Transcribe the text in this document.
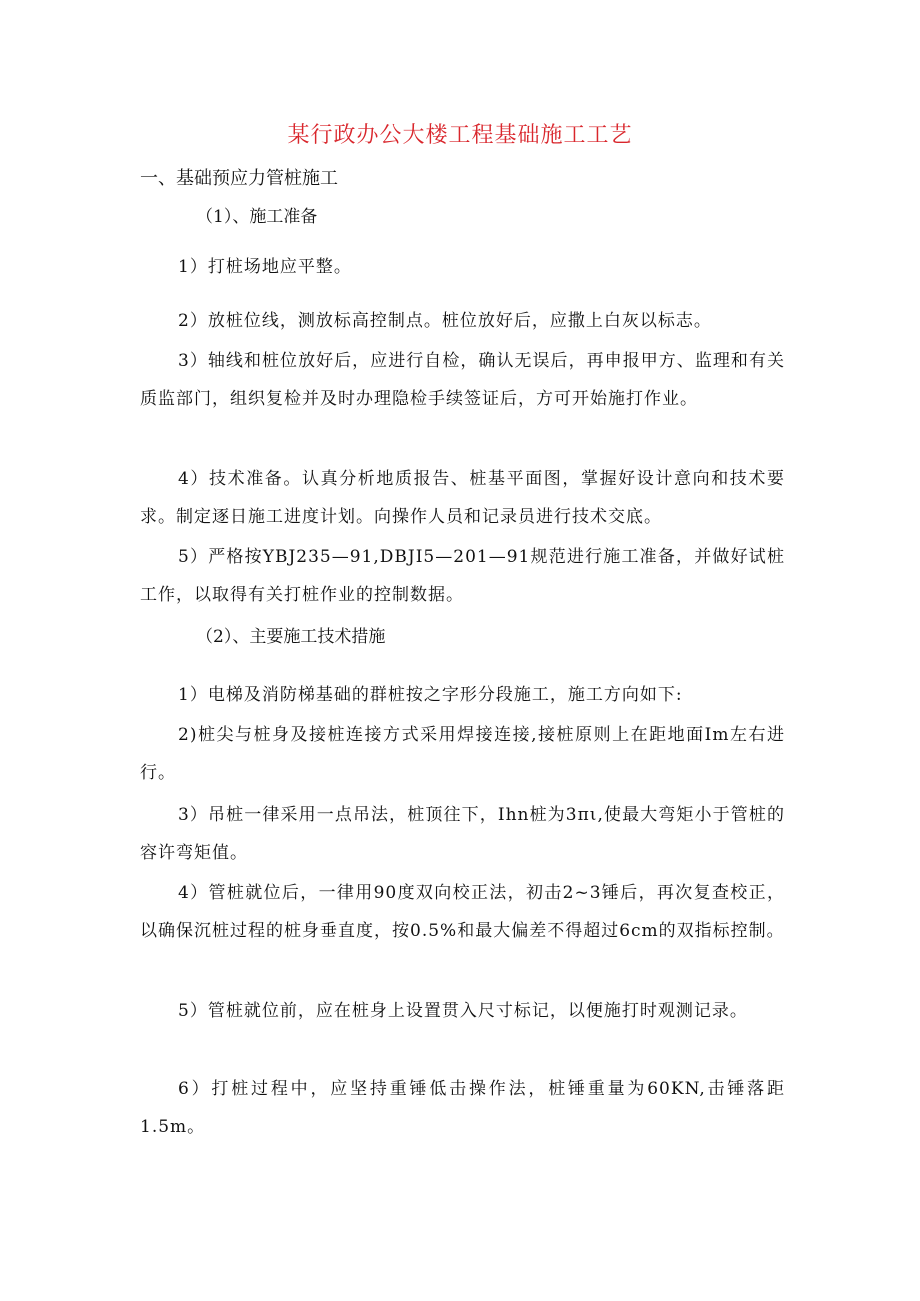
某行政办公大楼工程基础施工工艺
一、基础预应力管桩施工
（1）、施工准备
1）打桩场地应平整。
2）放桩位线，测放标高控制点。桩位放好后，应撒上白灰以标志。
3）轴线和桩位放好后，应进行自检，确认无误后，再申报甲方、监理和有关质监部门，组织复检并及时办理隐检手续签证后，方可开始施打作业。
4）技术准备。认真分析地质报告、桩基平面图，掌握好设计意向和技术要求。制定逐日施工进度计划。向操作人员和记录员进行技术交底。
5）严格按YBJ235—91,DBJI5—201—91规范进行施工准备，并做好试桩工作，以取得有关打桩作业的控制数据。
（2）、主要施工技术措施
1）电梯及消防梯基础的群桩按之字形分段施工，施工方向如下:
2)桩尖与桩身及接桩连接方式采用焊接连接,接桩原则上在距地面Im左右进行。
3）吊桩一律采用一点吊法，桩顶往下，Ihn桩为3πι,使最大弯矩小于管桩的容许弯矩值。
4）管桩就位后，一律用90度双向校正法，初击2~3锤后，再次复查校正，以确保沉桩过程的桩身垂直度，按0.5%和最大偏差不得超过6cm的双指标控制。
5）管桩就位前，应在桩身上设置贯入尺寸标记，以便施打时观测记录。
6）打桩过程中，应坚持重锤低击操作法，桩锤重量为60KN,击锤落距1.5m。
